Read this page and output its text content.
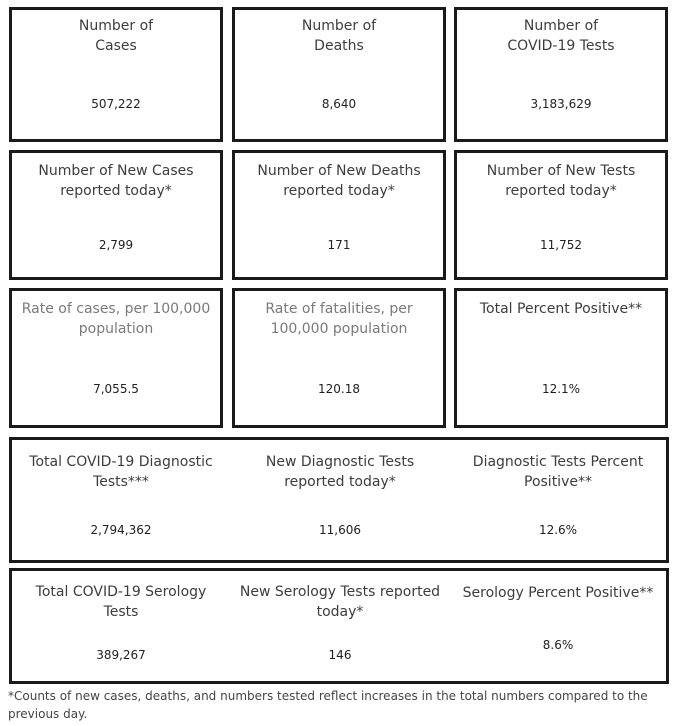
Number of
Cases
507,222
Number of
Deaths
8,640
Number of
COVID-19 Tests
3,183,629
Number of New Cases
reported today*
2,799
Number of New Deaths
reported today*
171
Number of New Tests
reported today*
11,752
Rate of cases, per 100,000
population
7,055.5
Rate of fatalities, per
100,000 population
120.18
Total Percent Positive**
12.1%
Total COVID-19 Diagnostic
Tests***
2,794,362
New Diagnostic Tests
reported today*
11,606
Diagnostic Tests Percent
Positive**
12.6%
Total COVID-19 Serology
Tests
389,267
New Serology Tests reported
today*
146
Serology Percent Positive**
8.6%
*Counts of new cases, deaths, and numbers tested reflect increases in the total numbers compared to the previous day.
